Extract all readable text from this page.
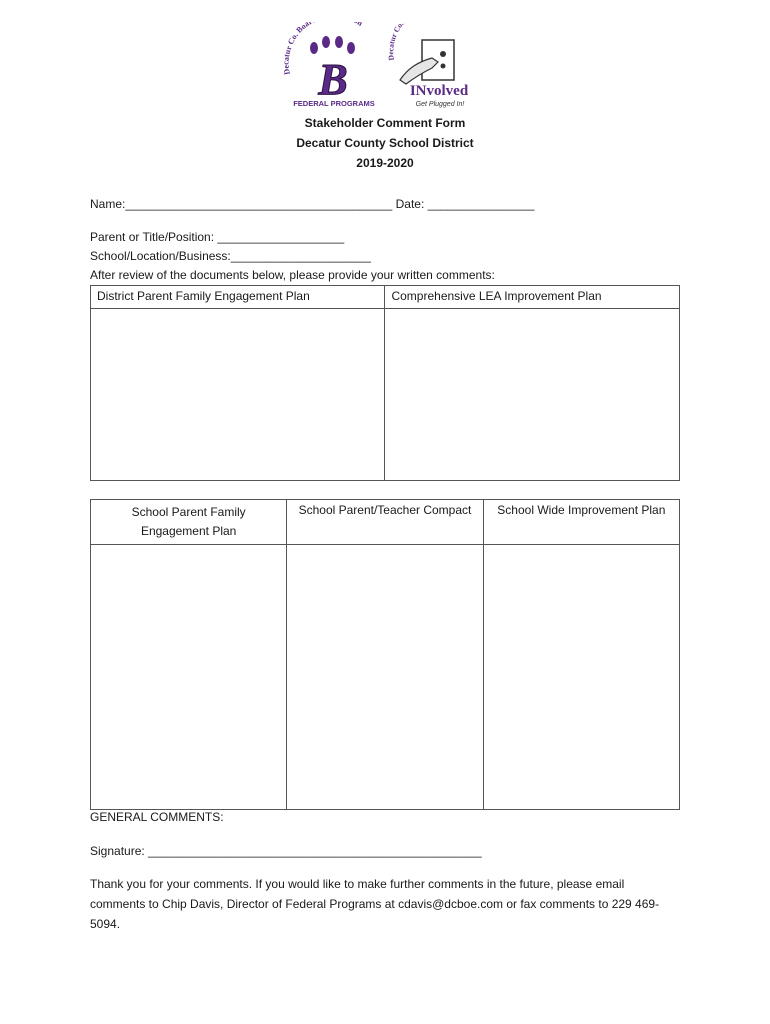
Decatur Co. Boa n
B
FEDERAL PROGRAMS
Decatur Co.
INvolved
Get Plugged In!
Stakeholder Comment Form
Decatur County School District
2019-2020
Name:________________________________________ Date: ________________
Parent or Title/Position: ___________________
School/Location/Business:_____________________
After review of the documents below, please provide your written comments:
District Parent Family Engagement Plan	Comprehensive LEA Improvement Plan

School Parent Family Engagement Plan	School Parent/Teacher Compact	School Wide Improvement Plan

GENERAL COMMENTS:
Signature: __________________________________________________
Thank you for your comments. If you would like to make further comments in the future, please email comments to Chip Davis, Director of Federal Programs at cdavis@dcboe.com or fax comments to 229 469-5094.
